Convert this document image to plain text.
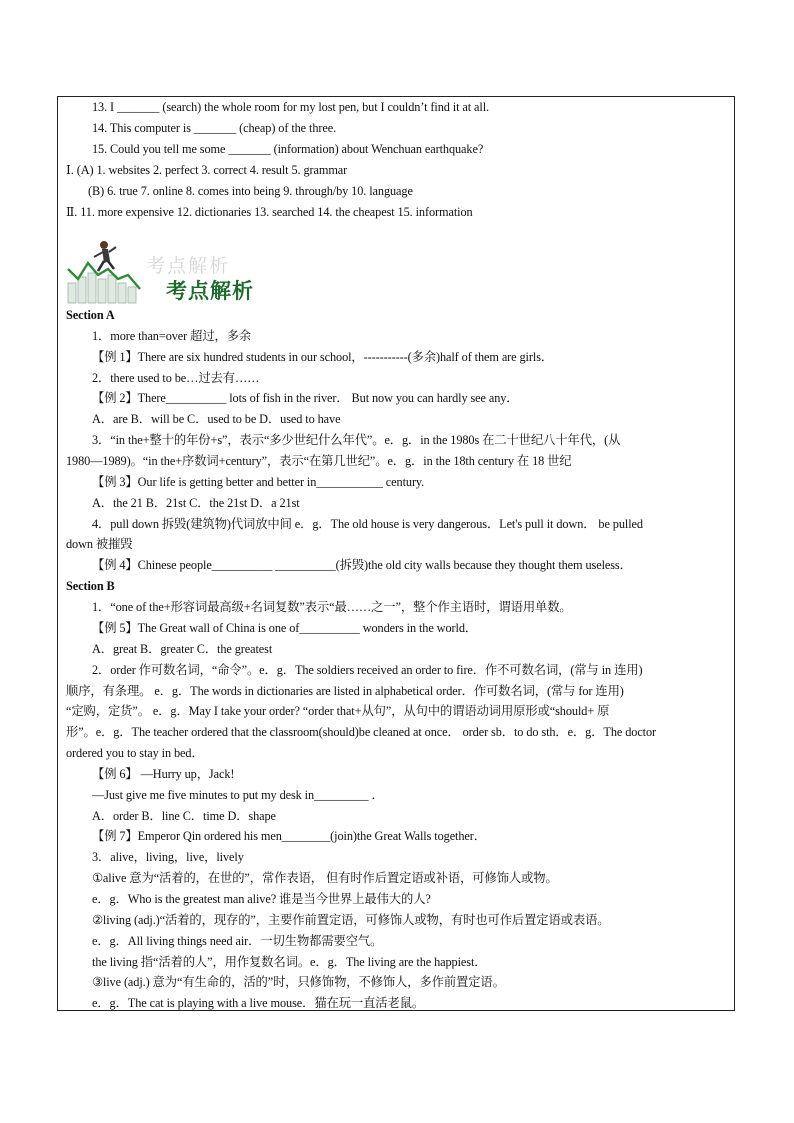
13. I _______ (search) the whole room for my lost pen, but I couldn’t find it at all.
14. This computer is _______ (cheap) of the three.
15. Could you tell me some _______ (information) about Wenchuan earthquake?
Ⅰ. (A) 1. websites 2. perfect 3. correct 4. result 5. grammar
(B) 6. true 7. online 8. comes into being 9. through/by 10. language
Ⅱ. 11. more expensive 12. dictionaries 13. searched 14. the cheapest 15. information
考点解析
考点解析
Section A
1．more than=over 超过，多余
【例 1】There are six hundred students in our school，-----------(多余)half of them are girls．
2．there used to be…过去有……
【例 2】There__________ lots of fish in the river． But now you can hardly see any．
A．are B．will be C．used to be D．used to have
3．“in the+整十的年份+s”，表示“多少世纪什么年代”。e．g．in the 1980s 在二十世纪八十年代，(从
1980—1989)。“in the+序数词+century”，表示“在第几世纪”。e．g．in the 18th century 在 18 世纪
【例 3】Our life is getting better and better in___________ century.
A．the 21 B．21st C．the 21st D．a 21st
4．pull down 拆毁(建筑物)代词放中间 e．g．The old house is very dangerous．Let's pull it down． be pulled
down 被摧毁
【例 4】Chinese people__________ __________(拆毁)the old city walls because they thought them useless．
Section B
1．“one of the+形容词最高级+名词复数”表示“最……之一”，整个作主语时，谓语用单数。
【例 5】The Great wall of China is one of__________ wonders in the world．
A．great B．greater C．the greatest
2．order 作可数名词，“命令”。e．g．The soldiers received an order to fire．作不可数名词，(常与 in 连用)
顺序，有条理。 e．g．The words in dictionaries are listed in alphabetical order．作可数名词，(常与 for 连用)
“定购，定货”。 e．g．May I take your order? “order that+从句”，从句中的谓语动词用原形或“should+ 原
形”。e．g．The teacher ordered that the classroom(should)be cleaned at once． order sb．to do sth．e．g．The doctor
ordered you to stay in bed．
【例 6】 —Hurry up，Jack!
—Just give me five minutes to put my desk in_________ ．
A．order B．line C．time D．shape
【例 7】Emperor Qin ordered his men________(join)the Great Walls together．
3．alive，living，live，lively
①alive 意为“活着的，在世的”，常作表语， 但有时作后置定语或补语，可修饰人或物。
e．g．Who is the greatest man alive? 谁是当今世界上最伟大的人?
②living (adj.)“活着的，现存的”，主要作前置定语，可修饰人或物，有时也可作后置定语或表语。
e．g．All living things need air．一切生物都需要空气。
the living 指“活着的人”，用作复数名词。e．g．The living are the happiest．
③live (adj.) 意为“有生命的，活的”时，只修饰物，不修饰人，多作前置定语。
e．g．The cat is playing with a live mouse．猫在玩一直活老鼠。
